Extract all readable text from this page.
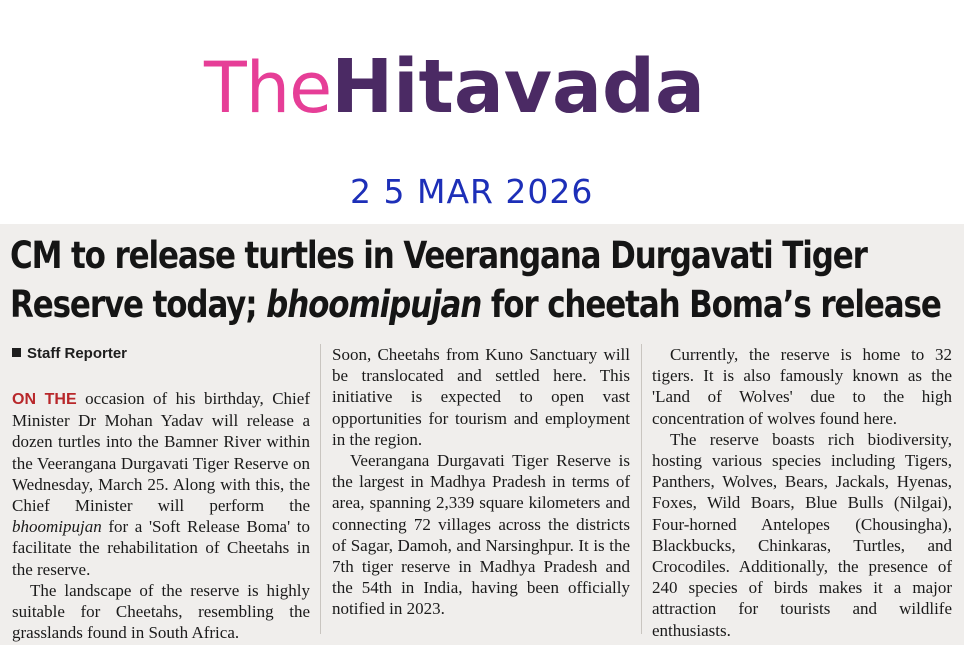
TheHitavada
2 5 MAR 2026
CM to release turtles in Veerangana Durgavati Tiger
Reserve today; bhoomipujan for cheetah Boma’s release
Staff Reporter

ON THE occasion of his birthday, Chief Minister Dr Mohan Yadav will release a dozen turtles into the Bamner River within the Veerangana Durgavati Tiger Reserve on Wednesday, March 25. Along with this, the Chief Minister will perform the bhoomipujan for a 'Soft Release Boma' to facilitate the rehabilitation of Cheetahs in the reserve.

The landscape of the reserve is highly suitable for Cheetahs, resembling the grasslands found in South Africa.

Soon, Cheetahs from Kuno Sanctuary will be translocated and settled here. This initiative is expected to open vast opportunities for tourism and employment in the region.

Veerangana Durgavati Tiger Reserve is the largest in Madhya Pradesh in terms of area, spanning 2,339 square kilometers and connecting 72 villages across the districts of Sagar, Damoh, and Narsinghpur. It is the 7th tiger reserve in Madhya Pradesh and the 54th in India, having been officially notified in 2023.

Currently, the reserve is home to 32 tigers. It is also famously known as the 'Land of Wolves' due to the high concentration of wolves found here.

The reserve boasts rich biodiversity, hosting various species including Tigers, Panthers, Wolves, Bears, Jackals, Hyenas, Foxes, Wild Boars, Blue Bulls (Nilgai), Four-horned Antelopes (Chousingha), Blackbucks, Chinkaras, Turtles, and Crocodiles. Additionally, the presence of 240 species of birds makes it a major attraction for tourists and wildlife enthusiasts.
